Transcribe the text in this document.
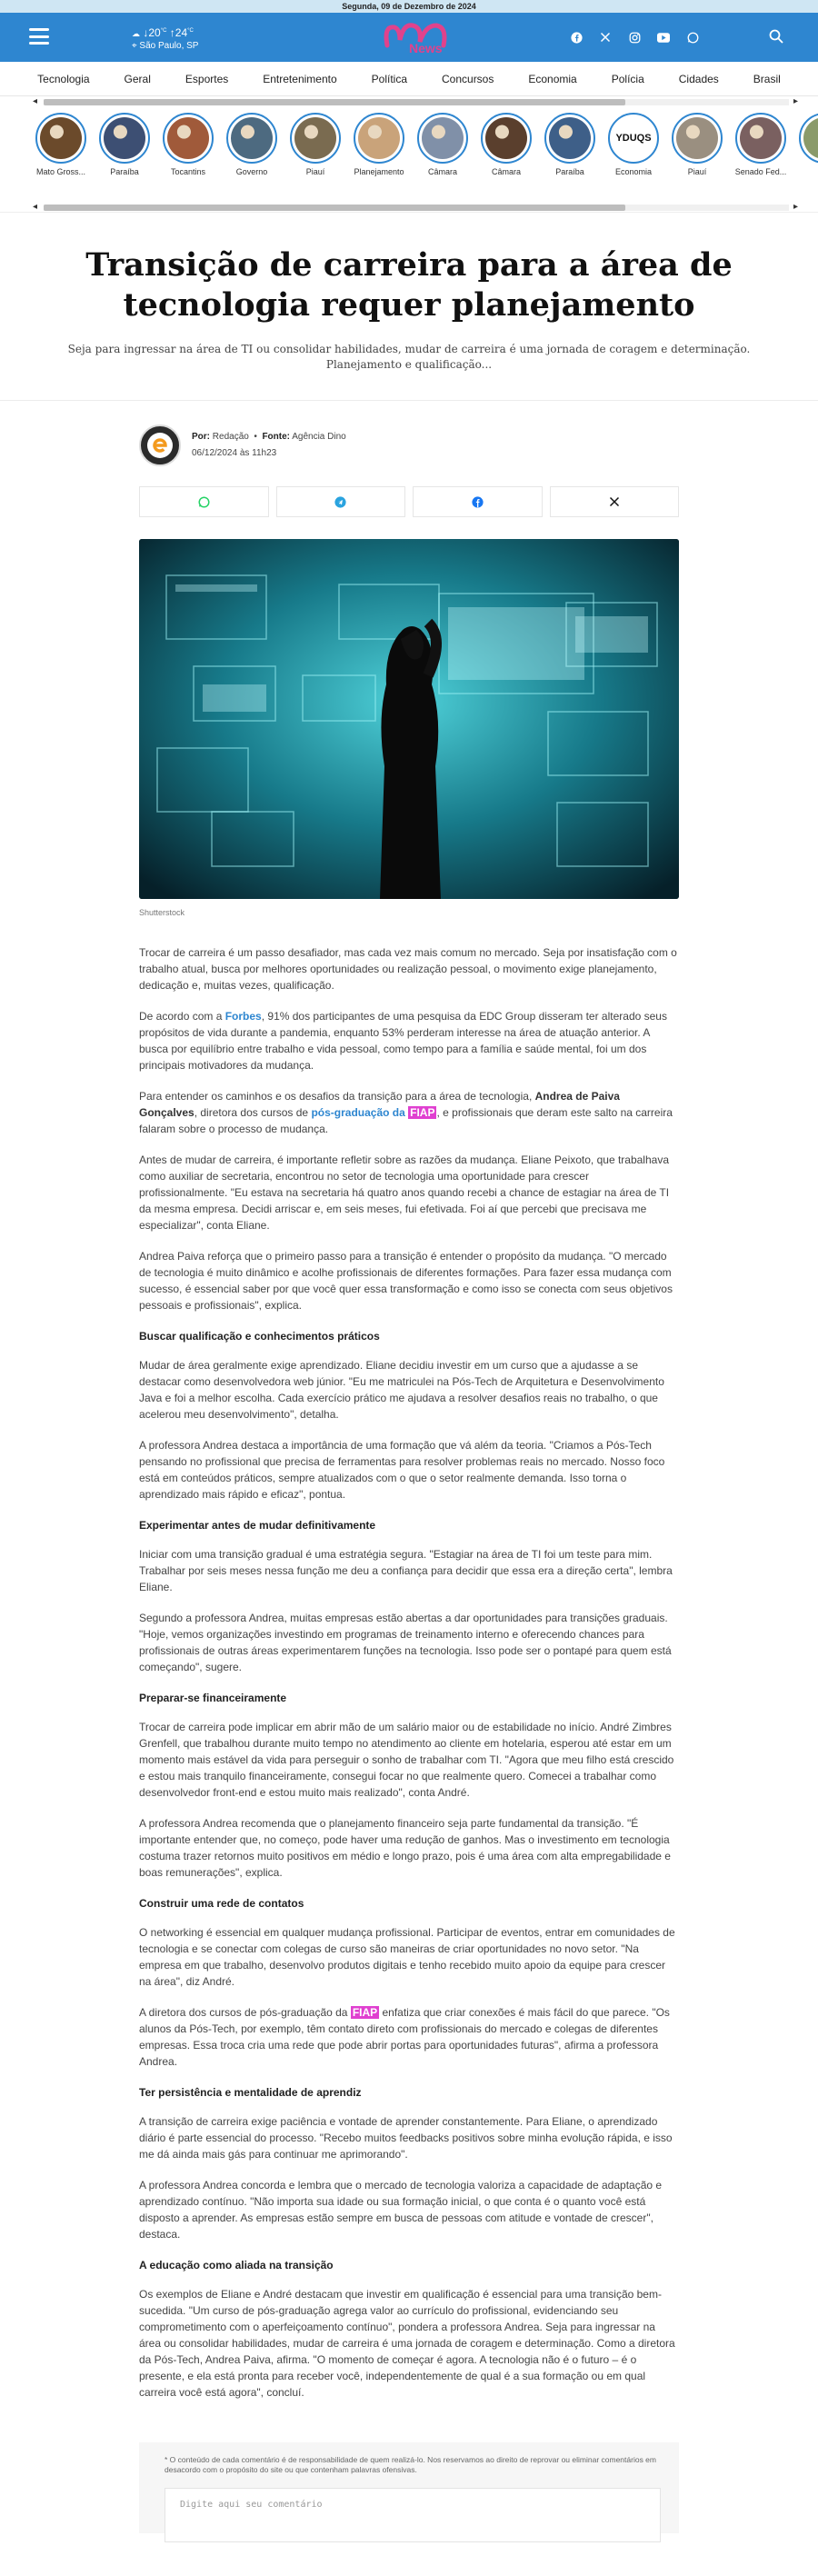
Segunda, 09 de Dezembro de 2024
☁ $↓20^{^\circ C}$ $↑24^{^\circ C}$
⌖ São Paulo, SP	News
Tecnologia	Geral	Esportes	Entretenimento	Política	Concursos	Economia	Polícia	Cidades	Brasil
◂	▸
Mato Gross...	Paraíba	Tocantins	Governo	Piauí	Planejamento	Câmara	Câmara	Paraíba
YDUQS
Economia	Piauí	Senado Fed...
◂	▸
Transição de carreira para a área de tecnologia requer planejamento

Seja para ingressar na área de TI ou consolidar habilidades, mudar de carreira é uma jornada de coragem e determinação. Planejamento e qualificação...

Por: Redação  •  Fonte: Agência Dino
06/12/2024 às 11h23
Shutterstock

Trocar de carreira é um passo desafiador, mas cada vez mais comum no mercado. Seja por insatisfação com o trabalho atual, busca por melhores oportunidades ou realização pessoal, o movimento exige planejamento, dedicação e, muitas vezes, qualificação.

De acordo com a Forbes, 91% dos participantes de uma pesquisa da EDC Group disseram ter alterado seus propósitos de vida durante a pandemia, enquanto 53% perderam interesse na área de atuação anterior. A busca por equilíbrio entre trabalho e vida pessoal, como tempo para a família e saúde mental, foi um dos principais motivadores da mudança.

Para entender os caminhos e os desafios da transição para a área de tecnologia, Andrea de Paiva Gonçalves, diretora dos cursos de pós-graduação da FIAP , e profissionais que deram este salto na carreira falaram sobre o processo de mudança.

Antes de mudar de carreira, é importante refletir sobre as razões da mudança. Eliane Peixoto, que trabalhava como auxiliar de secretaria, encontrou no setor de tecnologia uma oportunidade para crescer profissionalmente. "Eu estava na secretaria há quatro anos quando recebi a chance de estagiar na área de TI da mesma empresa. Decidi arriscar e, em seis meses, fui efetivada. Foi aí que percebi que precisava me especializar", conta Eliane.

Andrea Paiva reforça que o primeiro passo para a transição é entender o propósito da mudança. "O mercado de tecnologia é muito dinâmico e acolhe profissionais de diferentes formações. Para fazer essa mudança com sucesso, é essencial saber por que você quer essa transformação e como isso se conecta com seus objetivos pessoais e profissionais", explica.

Buscar qualificação e conhecimentos práticos

Mudar de área geralmente exige aprendizado. Eliane decidiu investir em um curso que a ajudasse a se destacar como desenvolvedora web júnior. "Eu me matriculei na Pós-Tech de Arquitetura e Desenvolvimento Java e foi a melhor escolha. Cada exercício prático me ajudava a resolver desafios reais no trabalho, o que acelerou meu desenvolvimento", detalha.

A professora Andrea destaca a importância de uma formação que vá além da teoria. "Criamos a Pós-Tech pensando no profissional que precisa de ferramentas para resolver problemas reais no mercado. Nosso foco está em conteúdos práticos, sempre atualizados com o que o setor realmente demanda. Isso torna o aprendizado mais rápido e eficaz", pontua.

Experimentar antes de mudar definitivamente

Iniciar com uma transição gradual é uma estratégia segura. "Estagiar na área de TI foi um teste para mim. Trabalhar por seis meses nessa função me deu a confiança para decidir que essa era a direção certa", lembra Eliane.

Segundo a professora Andrea, muitas empresas estão abertas a dar oportunidades para transições graduais. "Hoje, vemos organizações investindo em programas de treinamento interno e oferecendo chances para profissionais de outras áreas experimentarem funções na tecnologia. Isso pode ser o pontapé para quem está começando", sugere.

Preparar-se financeiramente

Trocar de carreira pode implicar em abrir mão de um salário maior ou de estabilidade no início. André Zimbres Grenfell, que trabalhou durante muito tempo no atendimento ao cliente em hotelaria, esperou até estar em um momento mais estável da vida para perseguir o sonho de trabalhar com TI. "Agora que meu filho está crescido e estou mais tranquilo financeiramente, consegui focar no que realmente quero. Comecei a trabalhar como desenvolvedor front-end e estou muito mais realizado", conta André.

A professora Andrea recomenda que o planejamento financeiro seja parte fundamental da transição. "É importante entender que, no começo, pode haver uma redução de ganhos. Mas o investimento em tecnologia costuma trazer retornos muito positivos em médio e longo prazo, pois é uma área com alta empregabilidade e boas remunerações", explica.

Construir uma rede de contatos

O networking é essencial em qualquer mudança profissional. Participar de eventos, entrar em comunidades de tecnologia e se conectar com colegas de curso são maneiras de criar oportunidades no novo setor. "Na empresa em que trabalho, desenvolvo produtos digitais e tenho recebido muito apoio da equipe para crescer na área", diz André.

A diretora dos cursos de pós-graduação da FIAP enfatiza que criar conexões é mais fácil do que parece. "Os alunos da Pós-Tech, por exemplo, têm contato direto com profissionais do mercado e colegas de diferentes empresas. Essa troca cria uma rede que pode abrir portas para oportunidades futuras", afirma a professora Andrea.

Ter persistência e mentalidade de aprendiz

A transição de carreira exige paciência e vontade de aprender constantemente. Para Eliane, o aprendizado diário é parte essencial do processo. "Recebo muitos feedbacks positivos sobre minha evolução rápida, e isso me dá ainda mais gás para continuar me aprimorando".

A professora Andrea concorda e lembra que o mercado de tecnologia valoriza a capacidade de adaptação e aprendizado contínuo. "Não importa sua idade ou sua formação inicial, o que conta é o quanto você está disposto a aprender. As empresas estão sempre em busca de pessoas com atitude e vontade de crescer", destaca.

A educação como aliada na transição

Os exemplos de Eliane e André destacam que investir em qualificação é essencial para uma transição bem-sucedida. "Um curso de pós-graduação agrega valor ao currículo do profissional, evidenciando seu comprometimento com o aperfeiçoamento contínuo", pondera a professora Andrea. Seja para ingressar na área ou consolidar habilidades, mudar de carreira é uma jornada de coragem e determinação. Como a diretora da Pós-Tech, Andrea Paiva, afirma. "O momento de começar é agora. A tecnologia não é o futuro – é o presente, e ela está pronta para receber você, independentemente de qual é a sua formação ou em qual carreira você está agora", concluí.

* O conteúdo de cada comentário é de responsabilidade de quem realizá-lo. Nos reservamos ao direito de reprovar ou eliminar comentários em desacordo com o propósito do site ou que contenham palavras ofensivas.
Digite aqui seu comentário
